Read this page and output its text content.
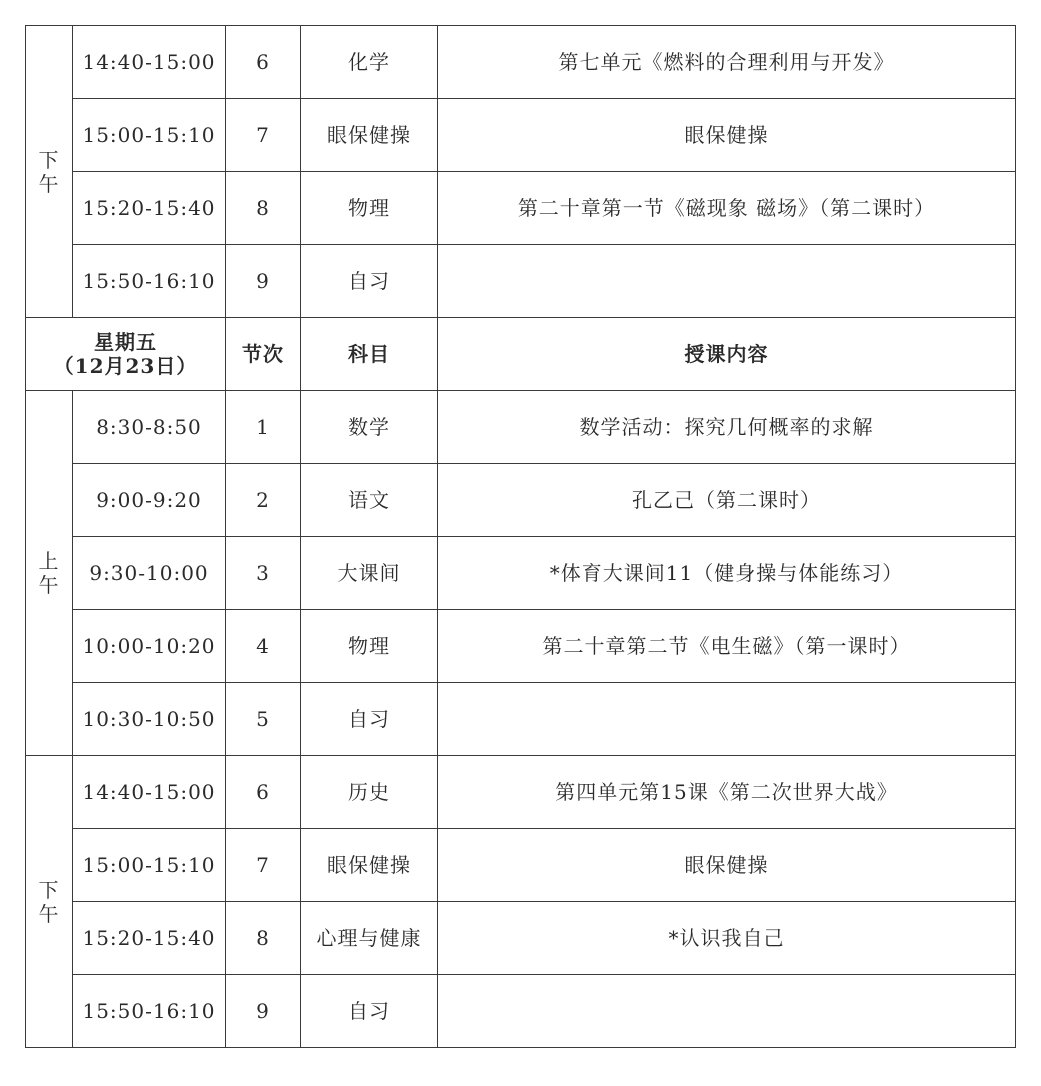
下
午	14:40-15:00	6	化学	第七单元《燃料的合理利用与开发》
	15:00-15:10	7	眼保健操	眼保健操
	15:20-15:40	8	物理	第二十章第一节《磁现象 磁场》（第二课时）
	15:50-16:10	9	自习	

星期五
（12月23日）		节次	科目	授课内容

上
午	8:30-8:50	1	数学	数学活动：探究几何概率的求解
	9:00-9:20	2	语文	孔乙己（第二课时）
	9:30-10:00	3	大课间	*体育大课间11（健身操与体能练习）
	10:00-10:20	4	物理	第二十章第二节《电生磁》（第一课时）
	10:30-10:50	5	自习	

下
午	14:40-15:00	6	历史	第四单元第15课《第二次世界大战》
	15:00-15:10	7	眼保健操	眼保健操
	15:20-15:40	8	心理与健康	*认识我自己
	15:50-16:10	9	自习	
